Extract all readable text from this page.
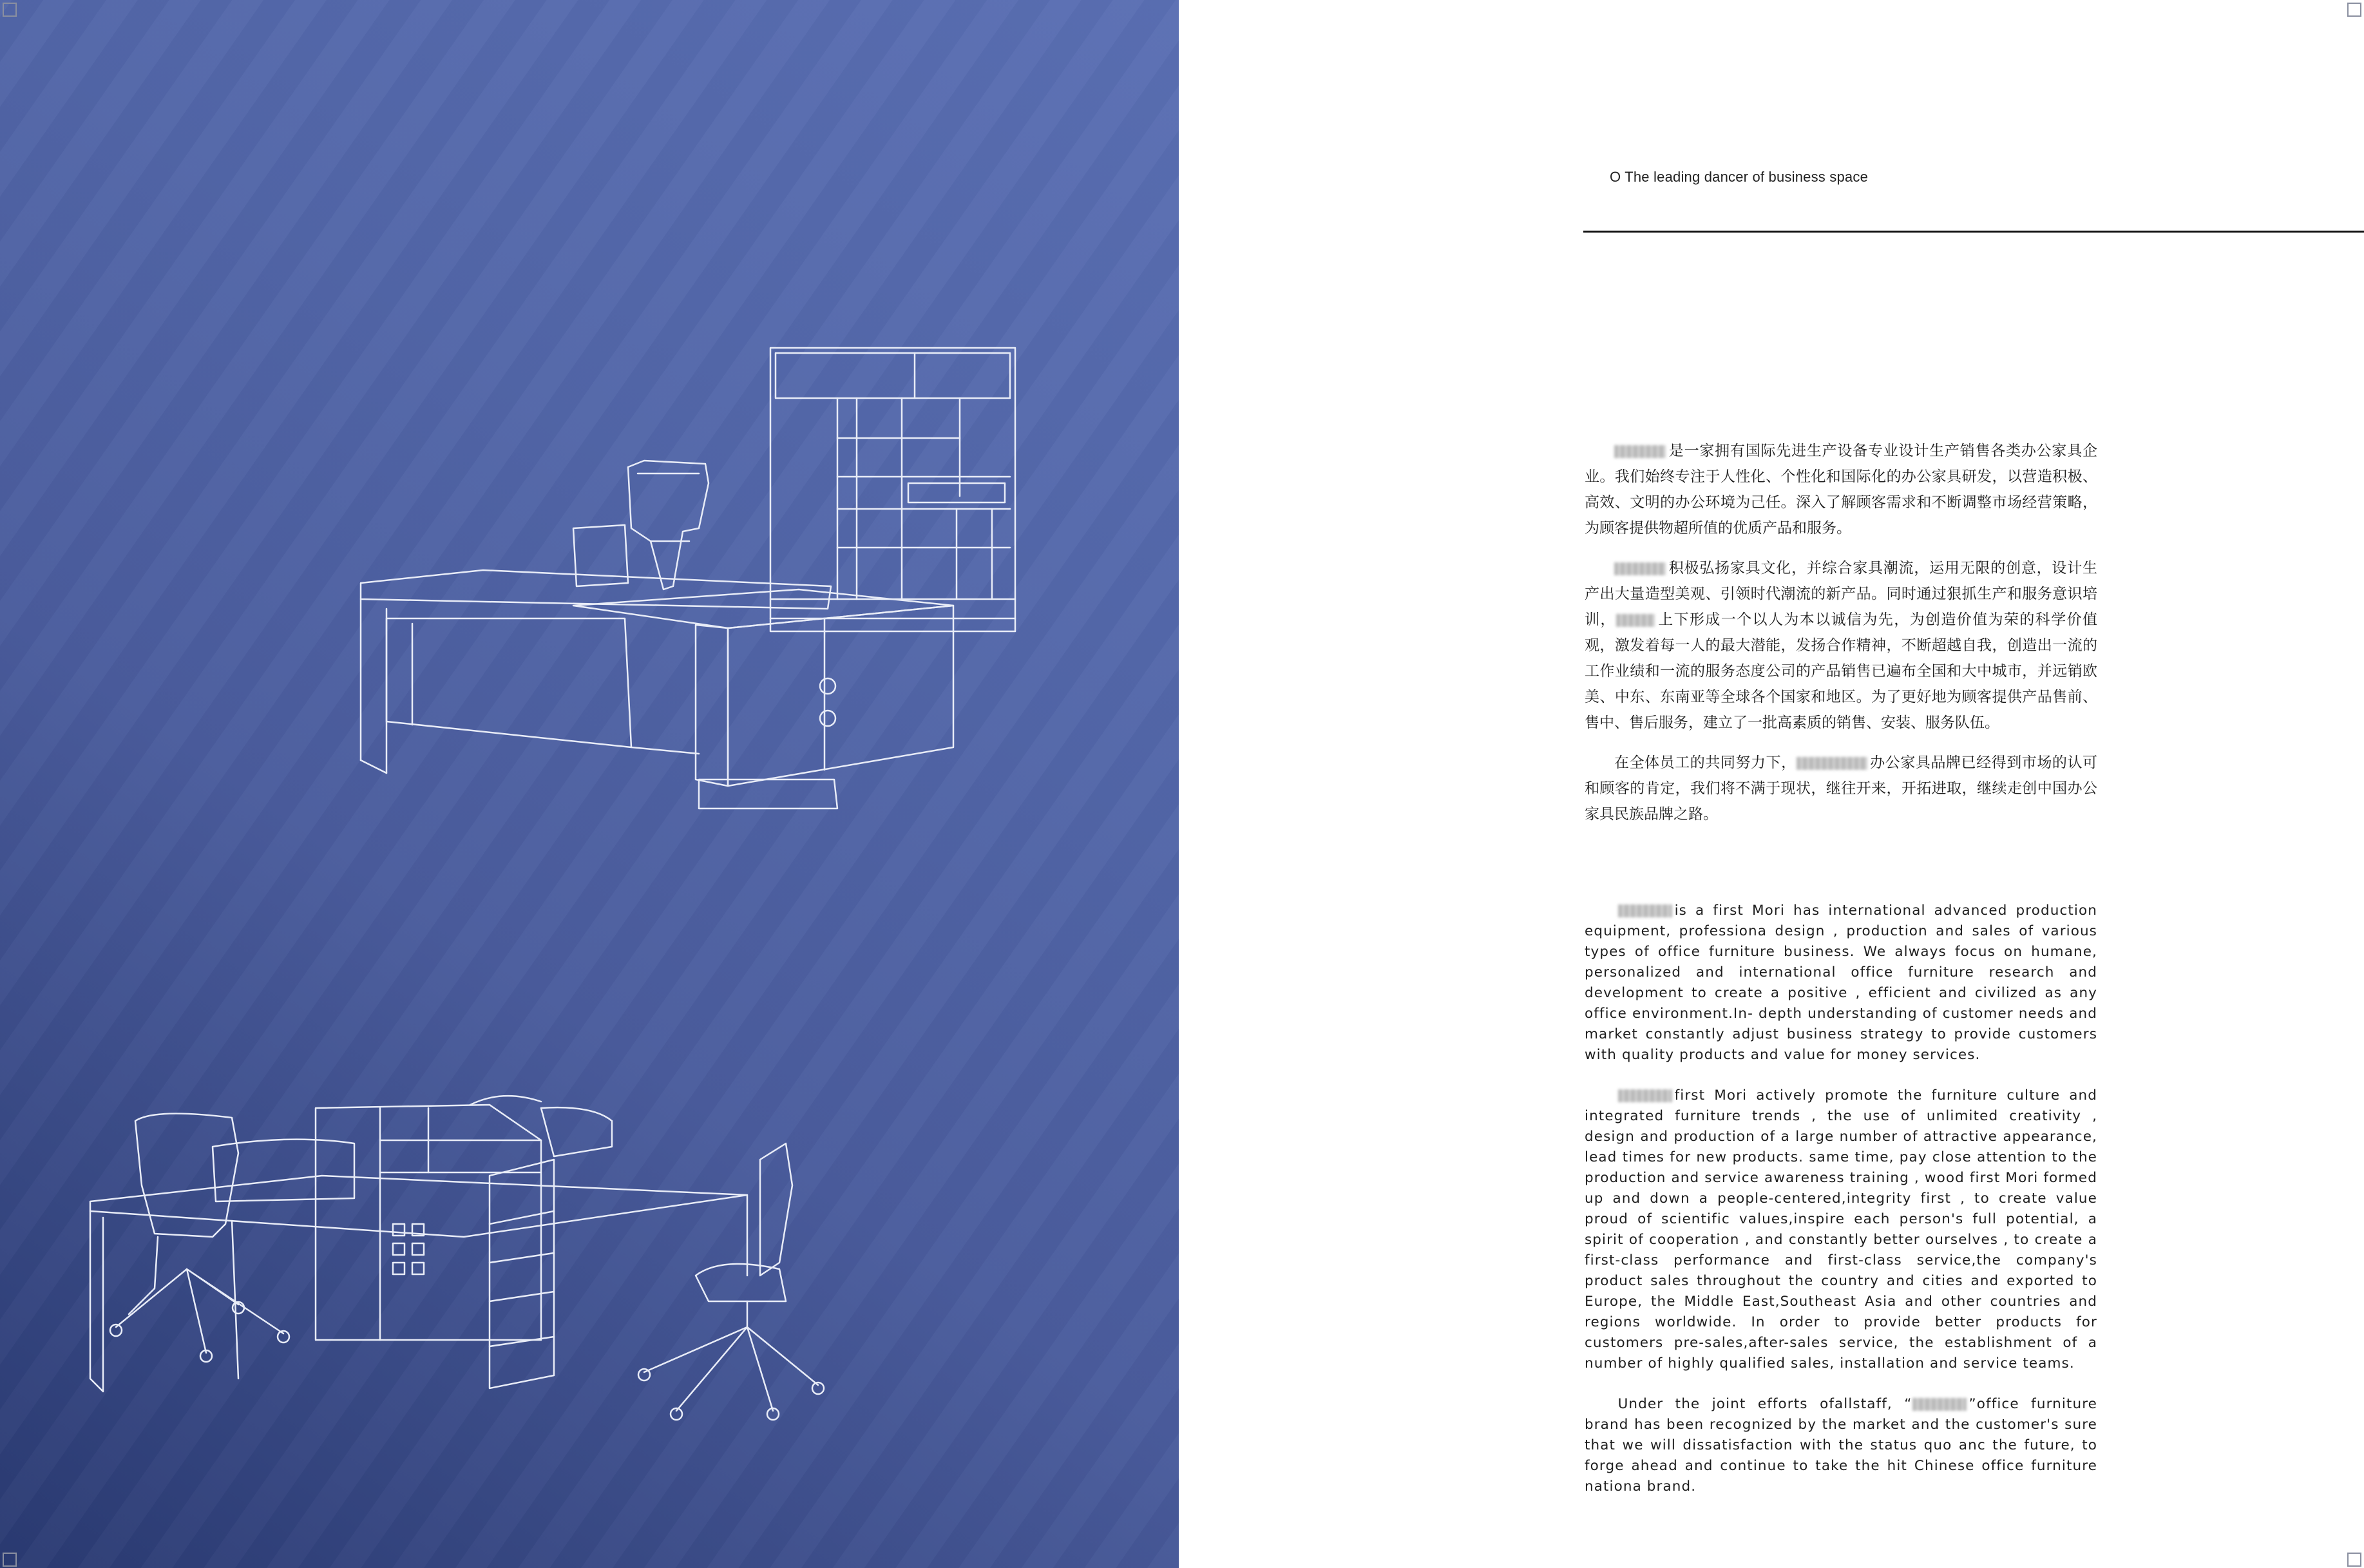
O The leading dancer of business space

是一家拥有国际先进生产设备专业设计生产销售各类办公家具企业。我们始终专注于人性化、个性化和国际化的办公家具研发，以营造积极、高效、文明的办公环境为己任。深入了解顾客需求和不断调整市场经营策略，为顾客提供物超所值的优质产品和服务。

积极弘扬家具文化，并综合家具潮流，运用无限的创意，设计生产出大量造型美观、引领时代潮流的新产品。同时通过狠抓生产和服务意识培训，	上下形成一个以人为本以诚信为先，为创造价值为荣的科学价值观，激发着每一人的最大潜能，发扬合作精神，不断超越自我，创造出一流的工作业绩和一流的服务态度公司的产品销售已遍布全国和大中城市，并远销欧美、中东、东南亚等全球各个国家和地区。为了更好地为顾客提供产品售前、售中、售后服务，建立了一批高素质的销售、安装、服务队伍。

在全体员工的共同努力下，	办公家具品牌已经得到市场的认可和顾客的肯定，我们将不满于现状，继往开来，开拓进取，继续走创中国办公家具民族品牌之路。

is a first Mori has international advanced production equipment, professiona design , production and sales of various types of office furniture business. We always focus on humane, personalized and international office furniture research and development to create a positive , efficient and civilized as any office environment.In- depth understanding of customer needs and market constantly adjust business strategy to provide customers with quality products and value for money services.

first Mori actively promote the furniture culture and integrated furniture trends , the use of unlimited creativity , design and production of a large number of attractive appearance, lead times for new products. same time, pay close attention to the production and service awareness training , wood first Mori formed up and down a people-centered,integrity first , to create value proud of scientific values,inspire each person's full potential, a spirit of cooperation , and constantly better ourselves , to create a first-class performance and first-class service,the company's product sales throughout the country and cities and exported to Europe, the Middle East,Southeast Asia and other countries and regions worldwide. In order to provide better products for customers pre-sales,after-sales service, the establishment of a number of highly qualified sales, installation and service teams.

Under the joint efforts ofallstaff, “	”office furniture brand has been recognized by the market and the customer's sure that we will dissatisfaction with the status quo anc the future, to forge ahead and continue to take the hit Chinese office furniture nationa brand.
